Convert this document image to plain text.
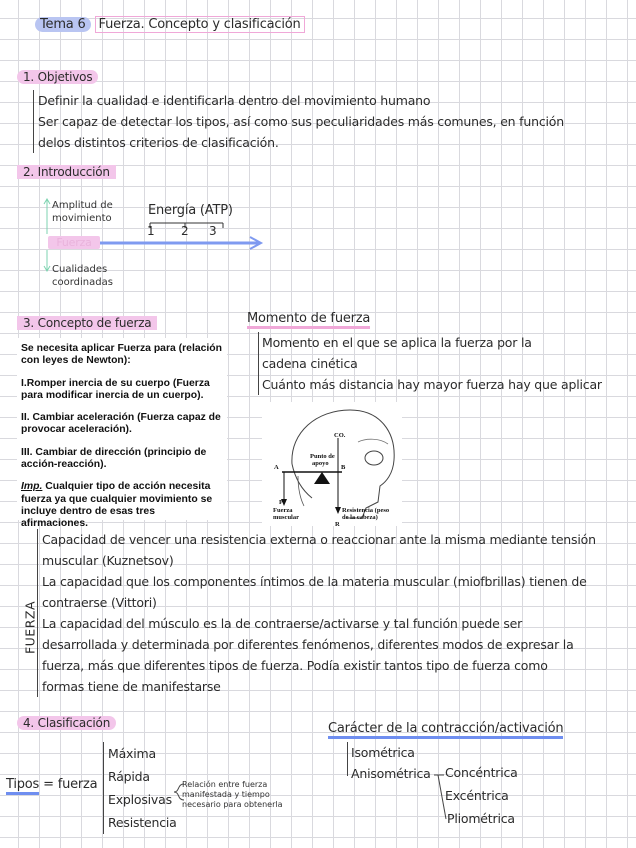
Tema 6 Fuerza. Concepto y clasificación
1. Objetivos
Definir la cualidad e identificarla dentro del movimiento humano
Ser capaz de detectar los tipos, así como sus peculiaridades más comunes, en función
delos distintos criterios de clasificación.
2. Introducción
Amplitud de
movimiento
Fuerza
Cualidades
coordinadas
Energía (ATP)
1 2 3
3. Concepto de fuerza

Se necesita aplicar Fuerza para (relación con leyes de Newton):

I.Romper inercia de su cuerpo (Fuerza para modificar inercia de un cuerpo).

II. Cambiar aceleración (Fuerza capaz de provocar aceleración).

III. Cambiar de dirección (principio de acción-reacción).

Imp. Cualquier tipo de acción necesita fuerza ya que cualquier movimiento se incluye dentro de esas tres afirmaciones.

Momento de fuerza
Momento en el que se aplica la fuerza por la
cadena cinética
Cuánto más distancia hay mayor fuerza hay que aplicar
CO.
Punto de
apoyo
A	B
P
Fuerza
muscular
Resistencia (peso
de la cabeza)
R
FUERZA
Capacidad de vencer una resistencia externa o reaccionar ante la misma mediante tensión
muscular (Kuznetsov)
La capacidad que los componentes íntimos de la materia muscular (miofbrillas) tienen de
contraerse (Vittori)
La capacidad del músculo es la de contraerse/activarse y tal función puede ser
desarrollada y determinada por diferentes fenómenos, diferentes modos de expresar la
fuerza, más que diferentes tipos de fuerza. Podía existir tantos tipo de fuerza como
formas tiene de manifestarse
4. Clasificación
Tipos = fuerza
Máxima
Rápida
Explosivas
Resistencia
Relación entre fuerza
manifestada y tiempo
necesario para obtenerla
Carácter de la contracción/activación
Isométrica
Anisométrica Concéntrica
Excéntrica
Pliométrica
